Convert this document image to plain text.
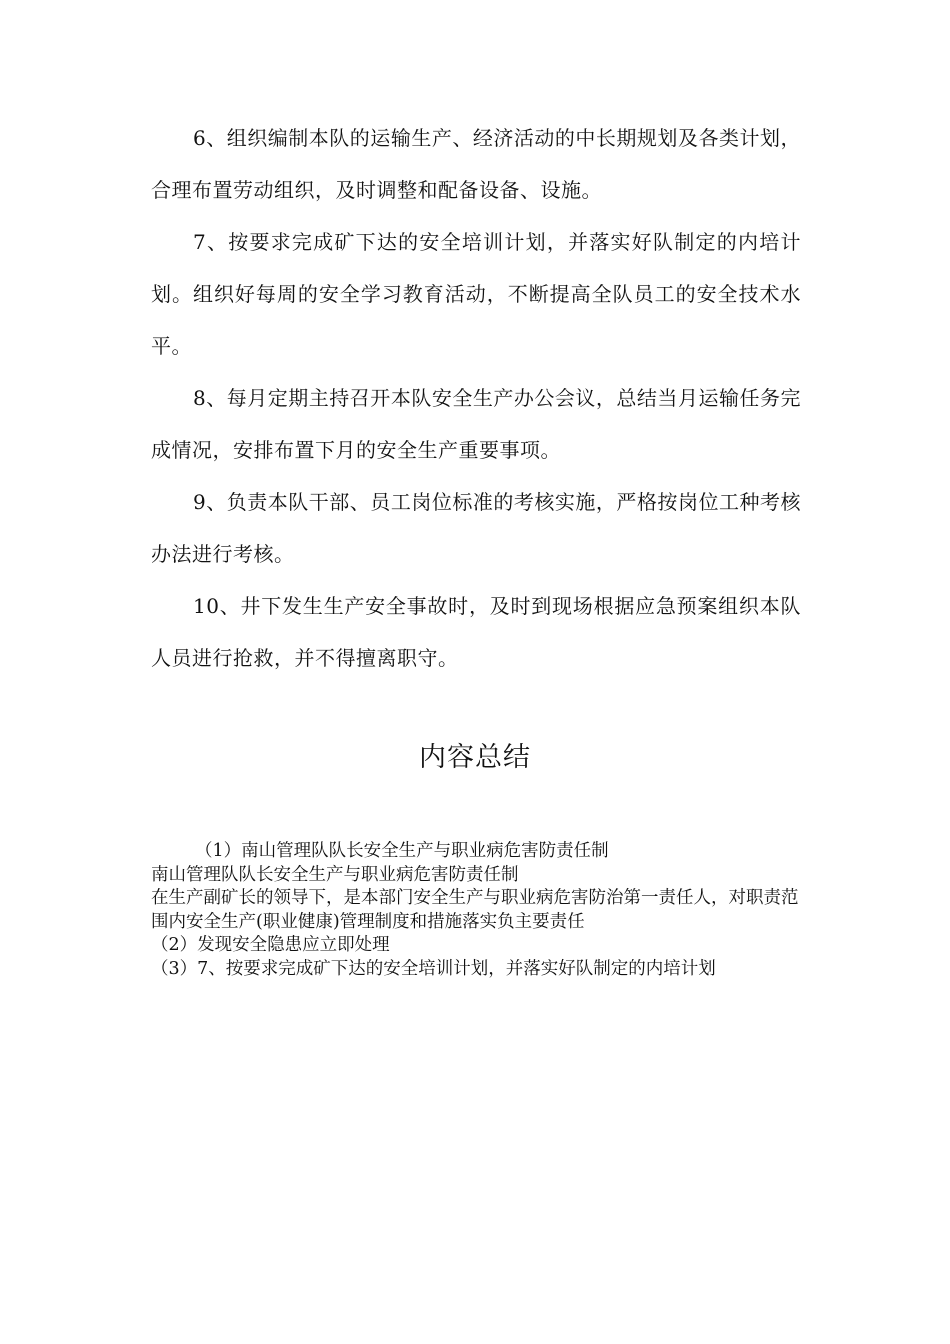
6、组织编制本队的运输生产、经济活动的中长期规划及各类计划，合理布置劳动组织，及时调整和配备设备、设施。

7、按要求完成矿下达的安全培训计划，并落实好队制定的内培计划。组织好每周的安全学习教育活动，不断提高全队员工的安全技术水平。

8、每月定期主持召开本队安全生产办公会议，总结当月运输任务完成情况，安排布置下月的安全生产重要事项。

9、负责本队干部、员工岗位标准的考核实施，严格按岗位工种考核办法进行考核。

10、井下发生生产安全事故时，及时到现场根据应急预案组织本队人员进行抢救，并不得擅离职守。

内容总结

（1）南山管理队队长安全生产与职业病危害防责任制

南山管理队队长安全生产与职业病危害防责任制

在生产副矿长的领导下，是本部门安全生产与职业病危害防治第一责任人，对职责范围内安全生产(职业健康)管理制度和措施落实负主要责任

（2）发现安全隐患应立即处理

（3）7、按要求完成矿下达的安全培训计划，并落实好队制定的内培计划
